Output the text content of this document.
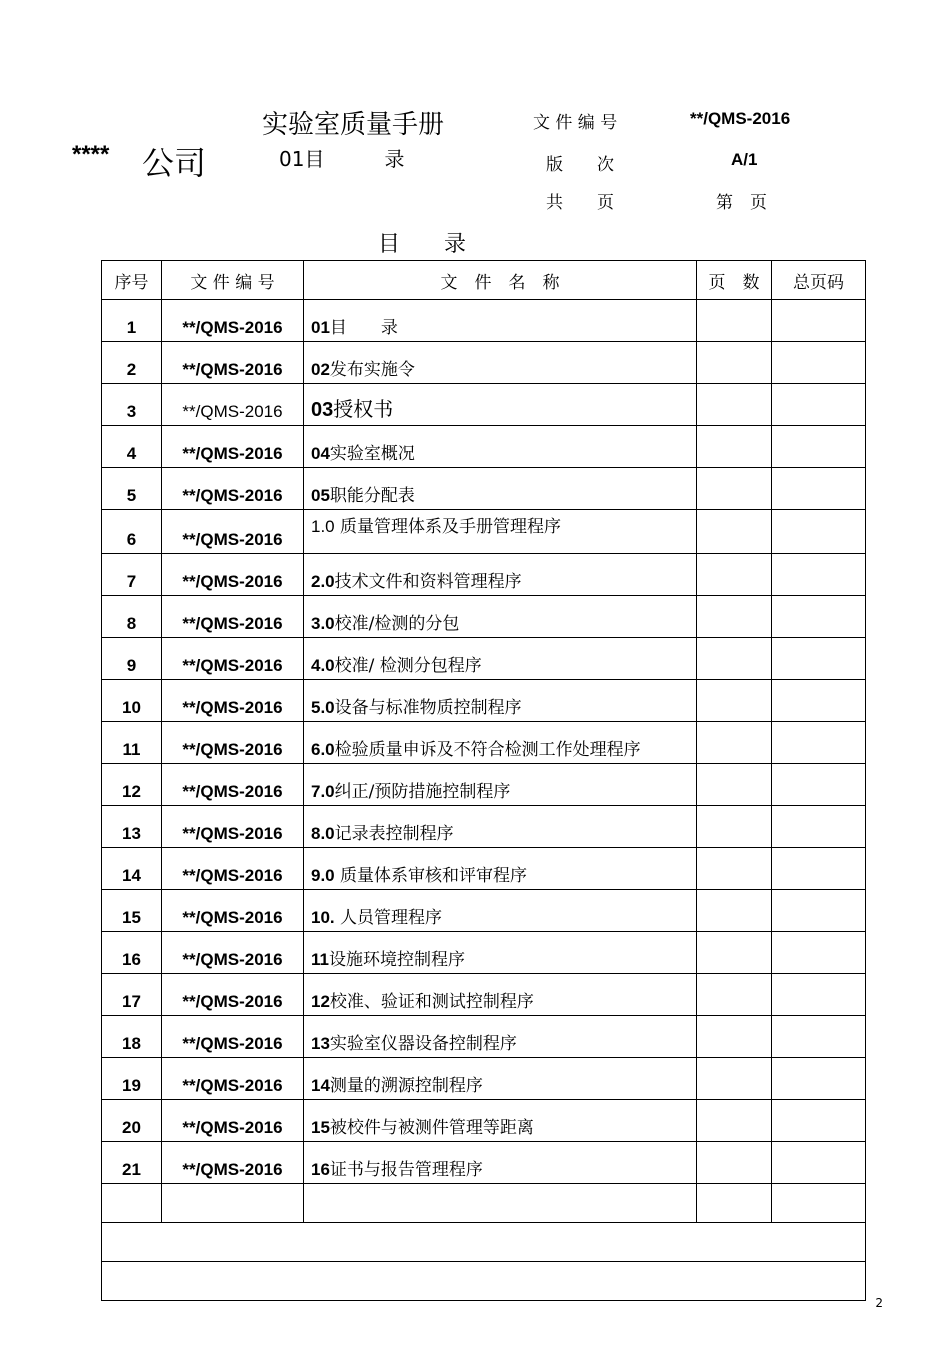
**** 公司
实验室质量手册
01目	录
文 件 编 号	**/QMS-2016
版　　次	A/1
共　　页	第　页
目　　录
序号	文 件 编 号	文　件　名　称	页　数	总页码
1	**/QMS-2016	01目　　录		
2	**/QMS-2016	02发布实施令		
3	**/QMS-2016	03授权书		
4	**/QMS-2016	04实验室概况		
5	**/QMS-2016	05职能分配表		
6	**/QMS-2016	1.0 质量管理体系及手册管理程序		
7	**/QMS-2016	2.0技术文件和资料管理程序		
8	**/QMS-2016	3.0校准/检测的分包		
9	**/QMS-2016	4.0校准/ 检测分包程序		
10	**/QMS-2016	5.0设备与标准物质控制程序		
11	**/QMS-2016	6.0检验质量申诉及不符合检测工作处理程序		
12	**/QMS-2016	7.0纠正/预防措施控制程序		
13	**/QMS-2016	8.0记录表控制程序		
14	**/QMS-2016	9.0 质量体系审核和评审程序		
15	**/QMS-2016	10. 人员管理程序		
16	**/QMS-2016	11设施环境控制程序		
17	**/QMS-2016	12校准、验证和测试控制程序		
18	**/QMS-2016	13实验室仪器设备控制程序		
19	**/QMS-2016	14测量的溯源控制程序		
20	**/QMS-2016	15被校件与被测件管理等距离		
21	**/QMS-2016	16证书与报告管理程序		

2
